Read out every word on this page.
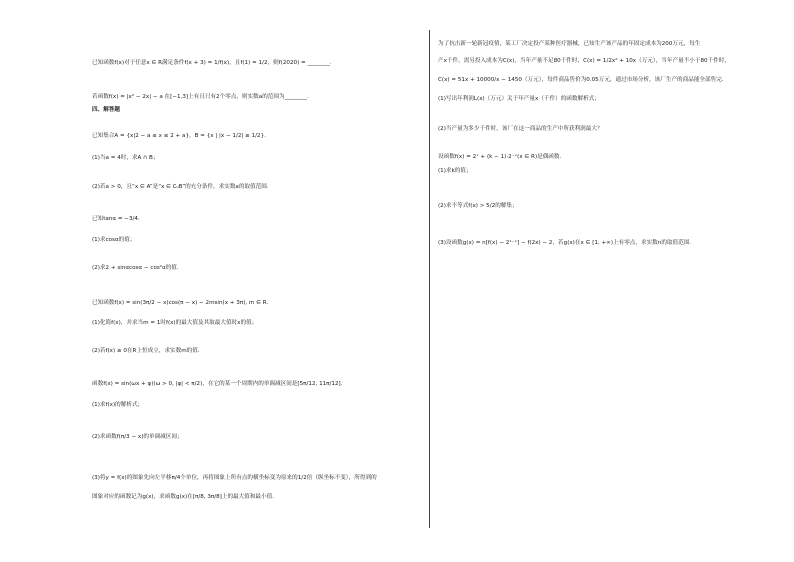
已知函数f(x)对于任意x ∈ R满足条件f(x + 3) = 1/f(x)，且f(1) = 1/2，则f(2020) = ________.
若函数f(x) = |x² − 2x| − a 在[−1,3]上有且只有2个零点，则实数a的范围为________.
四、解答题
已知集合A = {x|2 − a ≤ x ≤ 2 + a}，B = {x | |x − 1/2| ≥ 1/2}.
(1)当a = 4时，求A ∩ B；
(2)若a > 0，且“x ∈ A”是“x ∈ ∁ᵤB”的充分条件，求实数a的取值范围.
已知tanα = −3/4.
(1)求cosα的值；
(2)求2 + sinαcosα − cos²α的值.
已知函数f(x) = sin(3π/2 − x)cos(π − x) − 2msin(x + 3π), m ∈ R.
(1)化简f(x)，并求当m = 1时f(x)的最大值及其取最大值时x的值；
(2)若f(x) ≥ 0在R上恒成立，求实数m的值.
函数f(x) = sin(ωx + φ)(ω > 0, |φ| < π/2)，在它的某一个周期内的单调减区间是[5π/12, 11π/12].
(1)求f(x)的解析式；
(2)求函数f(π/3 − x)的单调减区间；
(3)将y = f(x)的图象先向左平移π/4个单位，再将图象上所有点的横坐标变为原来的1/2倍（纵坐标不变），所得到的
图象对应的函数记为g(x)，求函数g(x)在[π/8, 3π/8]上的最大值和最小值.
为了抗击新一轮新冠疫情，某工厂决定投产某种医疗器械，已知生产该产品的年固定成本为200万元，每生
产x千件，需另投入成本为C(x)，当年产量不足80千件时，C(x) = 1/2x² + 10x（万元），当年产量不小于80千件时，
C(x) = 51x + 10000/x − 1450（万元），每件商品售价为0.05万元，通过市场分析，该厂生产的商品能全部售完.
(1)写出年利润L(x)（万元）关于年产量x（千件）的函数解析式；
(2)当产量为多少千件时，该厂在这一商品的生产中所获利润最大？
设函数f(x) = 2ˣ + (k − 1)·2⁻ˣ(x ∈ R)是偶函数.
(1)求k的值；
(2)求不等式f(x) > 5/2的解集；
(3)设函数g(x) = n[f(x) − 2¹⁻ˣ] − f(2x) − 2，若g(x)在x ∈ [1, +∞)上有零点，求实数n的取值范围.
